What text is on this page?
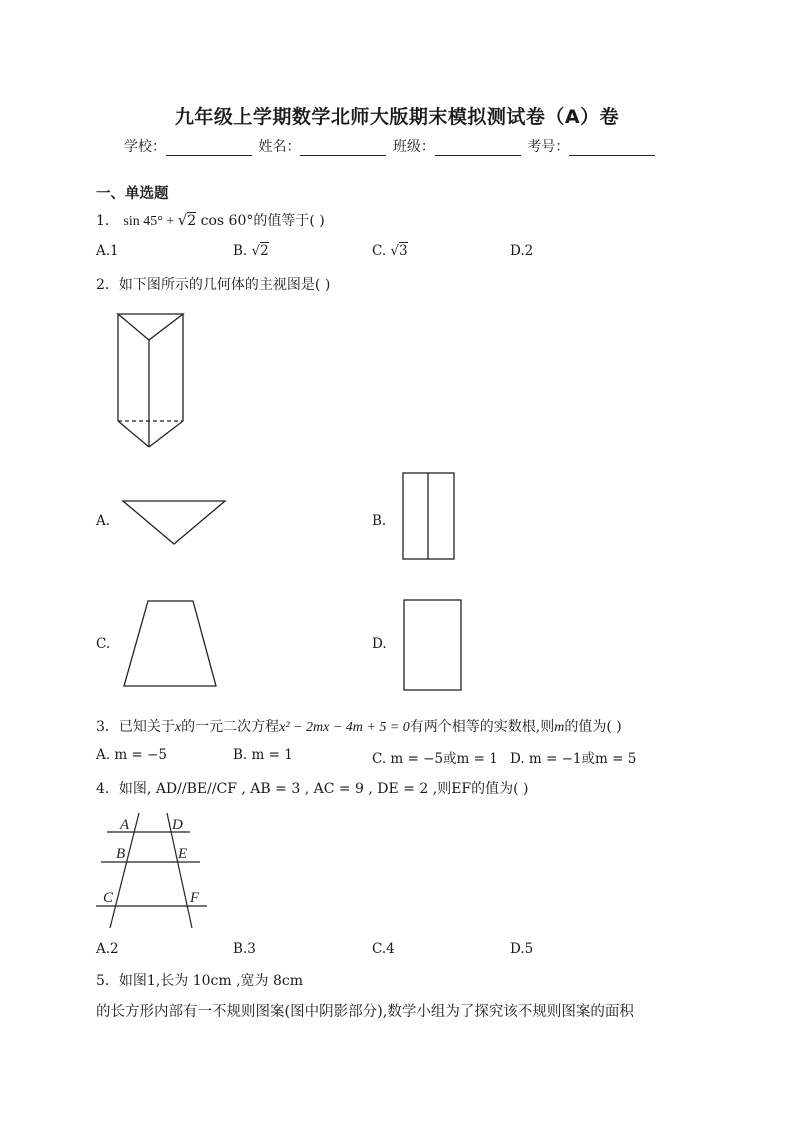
九年级上学期数学北师大版期末模拟测试卷（A）卷
学校：	姓名：	班级：	考号：
一、单选题
1． sin 45° + √2 cos 60°的值等于( )
A.1	B. √2	C. √3	D.2
2．如下图所示的几何体的主视图是( )
A.	B.
C.	D.
3．已知关于x的一元二次方程x² − 2mx − 4m + 5 = 0有两个相等的实数根,则m的值为( )
A. m = −5	B. m = 1	C. m = −5或m = 1 D. m = −1或m = 5
4．如图, AD//BE//CF , AB = 3 , AC = 9 , DE = 2 ,则EF的值为( )
A	D
B	E
C	F
A.2	B.3	C.4	D.5
5．如图1,长为 10cm ,宽为 8cm
的长方形内部有一不规则图案(图中阴影部分),数学小组为了探究该不规则图案的面积
